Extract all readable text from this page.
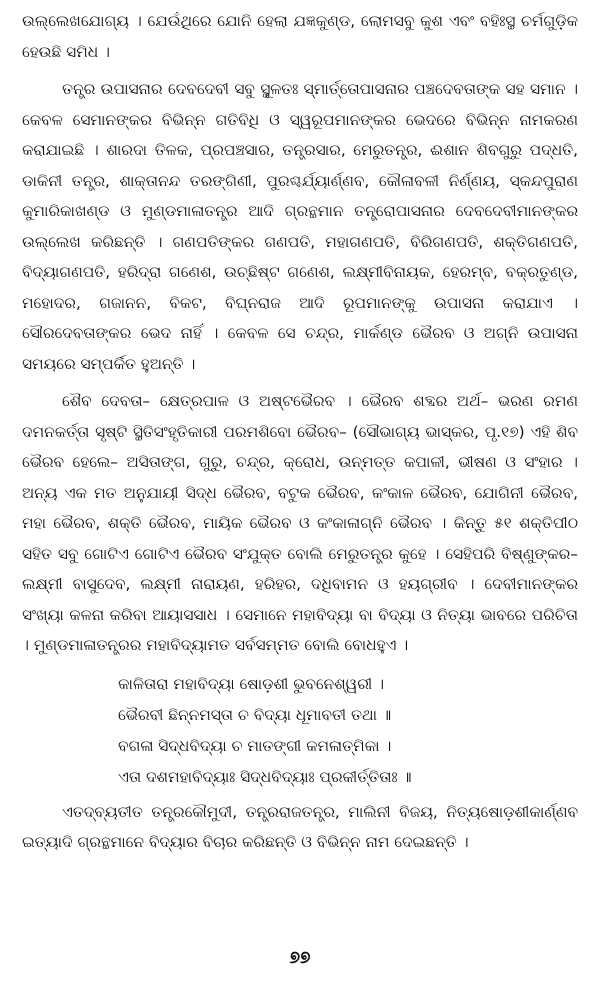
ଉଲ୍ଲେଖଯୋଗ୍ୟ । ଯେଉଁଥିରେ ଯୋନି ହେଲା ଯଜ୍ଞକୁଣ୍ଡ, ଲୋମସବୁ କୁଶ ଏବଂ ବହିଃସ୍ଥ ଚର୍ମଗୁଡ଼ିକ ହେଉଛି ସମିଧ ।

ତନ୍ତ୍ର ଉପାସନାର ଦେବଦେବୀ ସବୁ ସ୍ଥୂଳତଃ ସ୍ମାର୍ତ୍ତୋପାସନାର ପଞ୍ଚଦେବତାଙ୍କ ସହ ସମାନ । କେବଳ ସେମାନଙ୍କର ବିଭିନ୍ନ ଗତିବିଧି ଓ ସ୍ୱରୂପମାନଙ୍କର ଭେଦରେ ବିଭିନ୍ନ ନାମକରଣ କରାଯାଇଛି । ଶାରଦା ତିଳକ, ପ୍ରପଞ୍ଚସାର, ତନ୍ତ୍ରସାର, ମେରୁତନ୍ତ୍ର, ଈଶାନ ଶିବଗୁରୁ ପଦ୍ଧତି, ଡାକିନୀ ତନ୍ତ୍ର, ଶାକ୍ତାନନ୍ଦ ତରଙ୍ଗିଣୀ, ପୁରଶ୍ଚର୍ଯ୍ୟାର୍ଣ୍ଣବ, କୌଳାବଳୀ ନିର୍ଣ୍ଣୟ, ସ୍କନ୍ଦପୁରାଣ କୁମାରିକାଖଣ୍ଡ ଓ ମୁଣ୍ଡମାଳାତନ୍ତ୍ର ଆଦି ଗ୍ରନ୍ଥମାନ ତନ୍ତ୍ରୋପାସନାର ଦେବଦେବୀମାନଙ୍କର ଉଲ୍ଲେଖ କରିଛନ୍ତି । ଗଣପତିଙ୍କର ଗଣପତି, ମହାଗଣପତି, ବିରିଗଣପତି, ଶକ୍ତିଗଣପତି, ବିଦ୍ୟାଗଣପତି, ହରିଦ୍ରା ଗଣେଶ, ଉଚ୍ଛିଷ୍ଟ ଗଣେଶ, ଲକ୍ଷ୍ମୀବିନାୟକ, ହେରମ୍ବ, ବକ୍ରତୁଣ୍ଡ, ମହୋଦର, ଗଜାନନ, ବିକଟ, ବିଘ୍ନରାଜ ଆଦି ରୂପମାନଙ୍କୁ ଉପାସନା କରାଯାଏ । ସୌରଦେବତାଙ୍କର ଭେଦ ନାହିଁ । କେବଳ ସେ ଚନ୍ଦ୍ର, ମାର୍କଣ୍ଡ ଭୈରବ ଓ ଅଗ୍ନି ଉପାସନା ସମୟରେ ସମ୍ପର୍କିତ ହୁଅନ୍ତି ।

ଶୈବ ଦେବତା– କ୍ଷେତ୍ରପାଳ ଓ ଅଷ୍ଟଭୈରବ । ଭୈରବ ଶବ୍ଦର ଅର୍ଥ– ଭରଣ ରମଣ ଦମନକର୍ତ୍ତା ସୃଷ୍ଟି ସ୍ଥିତିସଂହୃତିକାରୀ ପରମଶିବୋ ଭୈରବ– (ସୌଭାଗ୍ୟ ଭାସ୍କର, ପୃ.୧୭) ଏହି ଶିବ ଭୈରବ ହେଲେ– ଅସିତାଙ୍ଗ, ଗୁରୁ, ଚନ୍ଦ୍ର, କ୍ରୋଧ, ଉନ୍ମତ୍ତ କପାଳୀ, ଭୀଷଣ ଓ ସଂହାର । ଅନ୍ୟ ଏକ ମତ ଅନୁଯାୟୀ ସିଦ୍ଧ ଭୈରବ, ବଟୁକ ଭୈରବ, କଂକାଳ ଭୈରବ, ଯୋଗିନୀ ଭୈରବ, ମହା ଭୈରବ, ଶକ୍ତି ଭୈରବ, ମାୟିକ ଭୈରବ ଓ କଂକାଳାଗ୍ନି ଭୈରବ । କିନ୍ତୁ ୫୧ ଶକ୍ତିପୀଠ ସହିତ ସବୁ ଗୋଟିଏ ଗୋଟିଏ ଭୈରବ ସଂଯୁକ୍ତ ବୋଲି ମେରୁତନ୍ତ୍ର କୁହେ । ସେହିପରି ବିଷ୍ଣୁଙ୍କର– ଲକ୍ଷ୍ମୀ ବାସୁଦେବ, ଲକ୍ଷ୍ମୀ ନାରାୟଣ, ହରିହର, ଦଧିବାମନ ଓ ହୟଗ୍ରୀବ । ଦେବୀମାନଙ୍କର ସଂଖ୍ୟା କଳନା କରିବା ଆୟାସସାଧ । ସେମାନେ ମହାବିଦ୍ୟା ବା ବିଦ୍ୟା ଓ ନିତ୍ୟା ଭାବରେ ପରିଚିତା । ମୁଣ୍ଡମାଳାତନ୍ତ୍ରର ମହାବିଦ୍ୟାମତ ସର୍ବସମ୍ମତ ବୋଲି ବୋଧହୁଏ ।

କାଳିତାରା ମହାବିଦ୍ୟା ଷୋଡ଼ଶୀ ଭୁବନେଶ୍ୱରୀ ।

ଭୈରବୀ ଛିନ୍ନମସ୍ତା ଚ ବିଦ୍ୟା ଧୂମାବତୀ ତଥା ॥

ବଗଳା ସିଦ୍ଧବିଦ୍ୟା ଚ ମାତଙ୍ଗୀ କମଳାତ୍ମିକା ।

ଏତା ଦଶମହାବିଦ୍ୟାଃ ସିଦ୍ଧବିଦ୍ୟାଃ ପ୍ରକୀର୍ତ୍ତିତାଃ ॥

ଏତଦ୍ବ୍ୟତୀତ ତନ୍ତ୍ରକୌମୁଦୀ, ତନ୍ତ୍ରରାଜତନ୍ତ୍ର, ମାଲିନୀ ବିଜୟ, ନିତ୍ୟଷୋଡ଼ଶୀକାର୍ଣ୍ଣବ ଇତ୍ୟାଦି ଗ୍ରନ୍ଥମାନେ ବିଦ୍ୟାର ବିଚାର କରିଛନ୍ତି ଓ ବିଭିନ୍ନ ନାମ ଦେଇଛନ୍ତି ।

୭୭
